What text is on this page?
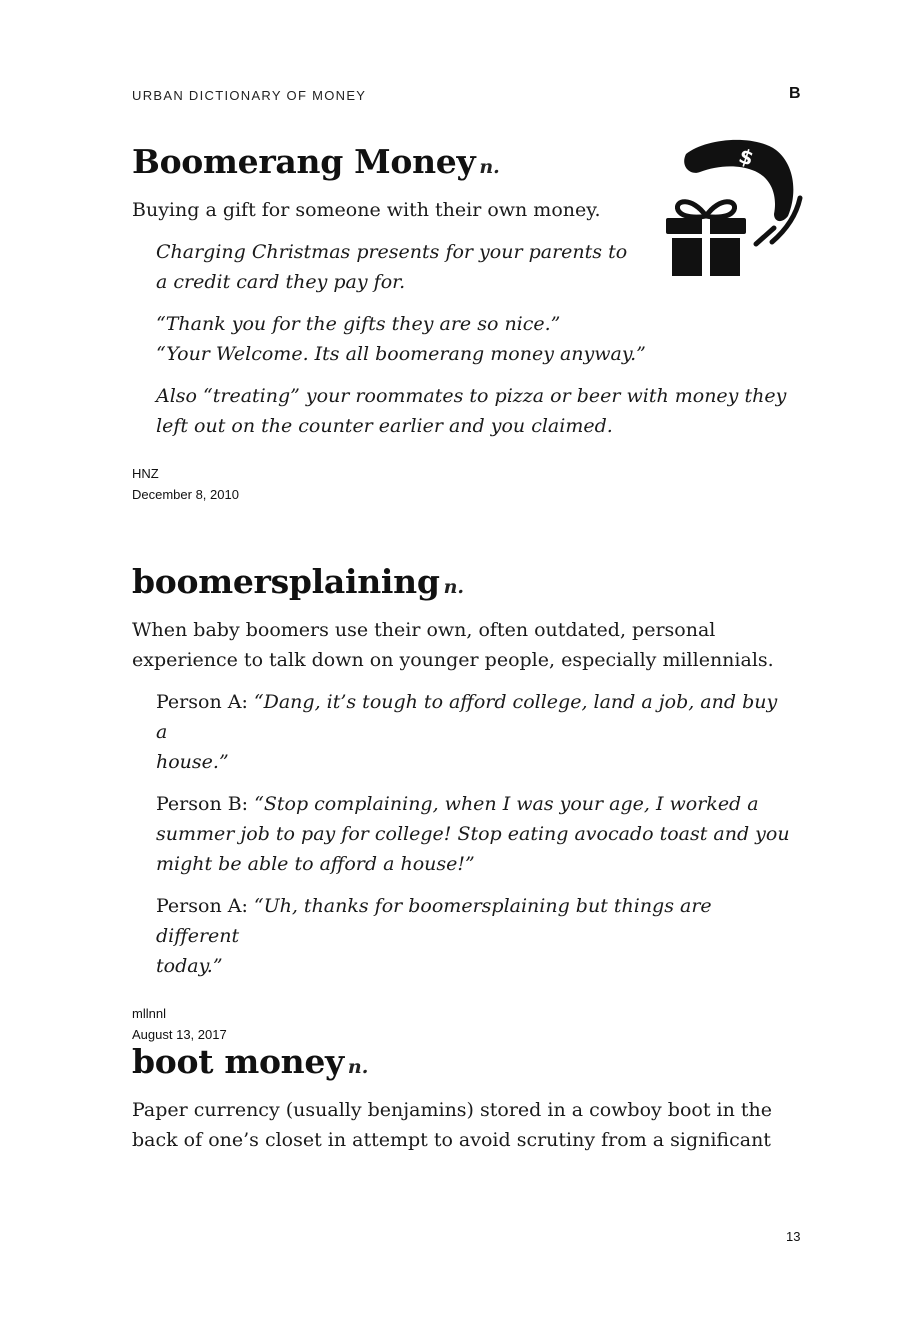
URBAN DICTIONARY OF MONEY	B
$
Boomerang Money n.

Buying a gift for someone with their own money.

Charging Christmas presents for your parents to
a credit card they pay for.

“Thank you for the gifts they are so nice.”
“Your Welcome. Its all boomerang money anyway.”

Also “treating” your roommates to pizza or beer with money they
left out on the counter earlier and you claimed.

HNZ
December 8, 2010
boomersplaining n.

When baby boomers use their own, often outdated, personal
experience to talk down on younger people, especially millennials.

Person A: “Dang, it’s tough to afford college, land a job, and buy a
house.”

Person B: “Stop complaining, when I was your age, I worked a
summer job to pay for college! Stop eating avocado toast and you
might be able to afford a house!”

Person A: “Uh, thanks for boomersplaining but things are different
today.”

mllnnl
August 13, 2017
boot money n.

Paper currency (usually benjamins) stored in a cowboy boot in the
back of one’s closet in attempt to avoid scrutiny from a significant

13
